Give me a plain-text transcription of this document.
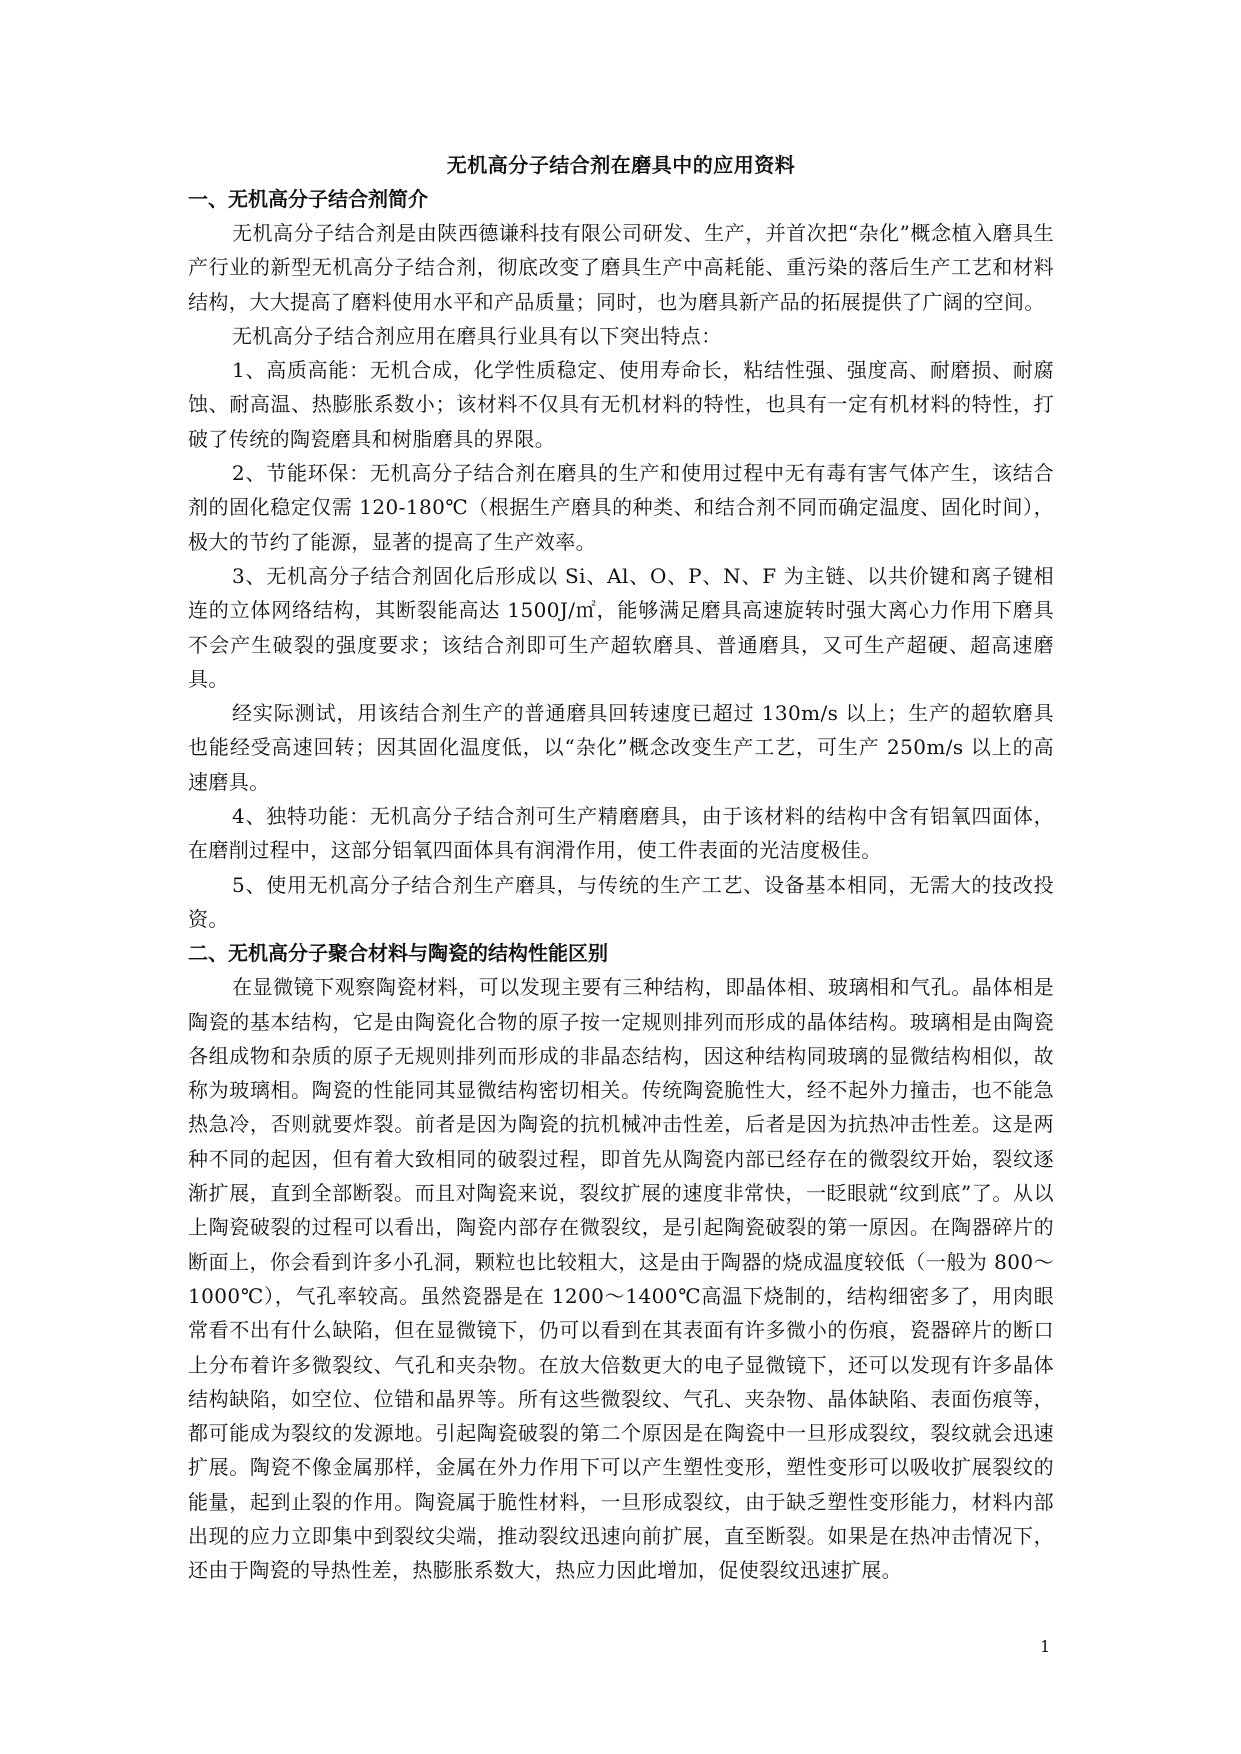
无机高分子结合剂在磨具中的应用资料
一、无机高分子结合剂简介

无机高分子结合剂是由陕西德谦科技有限公司研发、生产，并首次把“杂化”概念植入磨具生产行业的新型无机高分子结合剂，彻底改变了磨具生产中高耗能、重污染的落后生产工艺和材料结构，大大提高了磨料使用水平和产品质量；同时，也为磨具新产品的拓展提供了广阔的空间。

无机高分子结合剂应用在磨具行业具有以下突出特点：

1、高质高能：无机合成，化学性质稳定、使用寿命长，粘结性强、强度高、耐磨损、耐腐蚀、耐高温、热膨胀系数小；该材料不仅具有无机材料的特性，也具有一定有机材料的特性，打破了传统的陶瓷磨具和树脂磨具的界限。

2、节能环保：无机高分子结合剂在磨具的生产和使用过程中无有毒有害气体产生，该结合剂的固化稳定仅需 120-180℃（根据生产磨具的种类、和结合剂不同而确定温度、固化时间），极大的节约了能源，显著的提高了生产效率。

3、无机高分子结合剂固化后形成以 Si、Al、O、P、N、F 为主链、以共价键和离子键相连的立体网络结构，其断裂能高达 1500J/㎡，能够满足磨具高速旋转时强大离心力作用下磨具不会产生破裂的强度要求；该结合剂即可生产超软磨具、普通磨具，又可生产超硬、超高速磨具。

经实际测试，用该结合剂生产的普通磨具回转速度已超过 130m/s 以上；生产的超软磨具也能经受高速回转；因其固化温度低，以“杂化”概念改变生产工艺，可生产 250m/s 以上的高速磨具。

4、独特功能：无机高分子结合剂可生产精磨磨具，由于该材料的结构中含有铝氧四面体，在磨削过程中，这部分铝氧四面体具有润滑作用，使工件表面的光洁度极佳。

5、使用无机高分子结合剂生产磨具，与传统的生产工艺、设备基本相同，无需大的技改投资。

二、无机高分子聚合材料与陶瓷的结构性能区别

在显微镜下观察陶瓷材料，可以发现主要有三种结构，即晶体相、玻璃相和气孔。晶体相是陶瓷的基本结构，它是由陶瓷化合物的原子按一定规则排列而形成的晶体结构。玻璃相是由陶瓷各组成物和杂质的原子无规则排列而形成的非晶态结构，因这种结构同玻璃的显微结构相似，故称为玻璃相。陶瓷的性能同其显微结构密切相关。传统陶瓷脆性大，经不起外力撞击，也不能急热急冷，否则就要炸裂。前者是因为陶瓷的抗机械冲击性差，后者是因为抗热冲击性差。这是两种不同的起因，但有着大致相同的破裂过程，即首先从陶瓷内部已经存在的微裂纹开始，裂纹逐渐扩展，直到全部断裂。而且对陶瓷来说，裂纹扩展的速度非常快，一眨眼就“纹到底”了。从以上陶瓷破裂的过程可以看出，陶瓷内部存在微裂纹，是引起陶瓷破裂的第一原因。在陶器碎片的断面上，你会看到许多小孔洞，颗粒也比较粗大，这是由于陶器的烧成温度较低（一般为 800～1000℃），气孔率较高。虽然瓷器是在 1200～1400℃高温下烧制的，结构细密多了，用肉眼常看不出有什么缺陷，但在显微镜下，仍可以看到在其表面有许多微小的伤痕，瓷器碎片的断口上分布着许多微裂纹、气孔和夹杂物。在放大倍数更大的电子显微镜下，还可以发现有许多晶体结构缺陷，如空位、位错和晶界等。所有这些微裂纹、气孔、夹杂物、晶体缺陷、表面伤痕等，都可能成为裂纹的发源地。引起陶瓷破裂的第二个原因是在陶瓷中一旦形成裂纹，裂纹就会迅速扩展。陶瓷不像金属那样，金属在外力作用下可以产生塑性变形，塑性变形可以吸收扩展裂纹的能量，起到止裂的作用。陶瓷属于脆性材料，一旦形成裂纹，由于缺乏塑性变形能力，材料内部出现的应力立即集中到裂纹尖端，推动裂纹迅速向前扩展，直至断裂。如果是在热冲击情况下，还由于陶瓷的导热性差，热膨胀系数大，热应力因此增加，促使裂纹迅速扩展。

1
